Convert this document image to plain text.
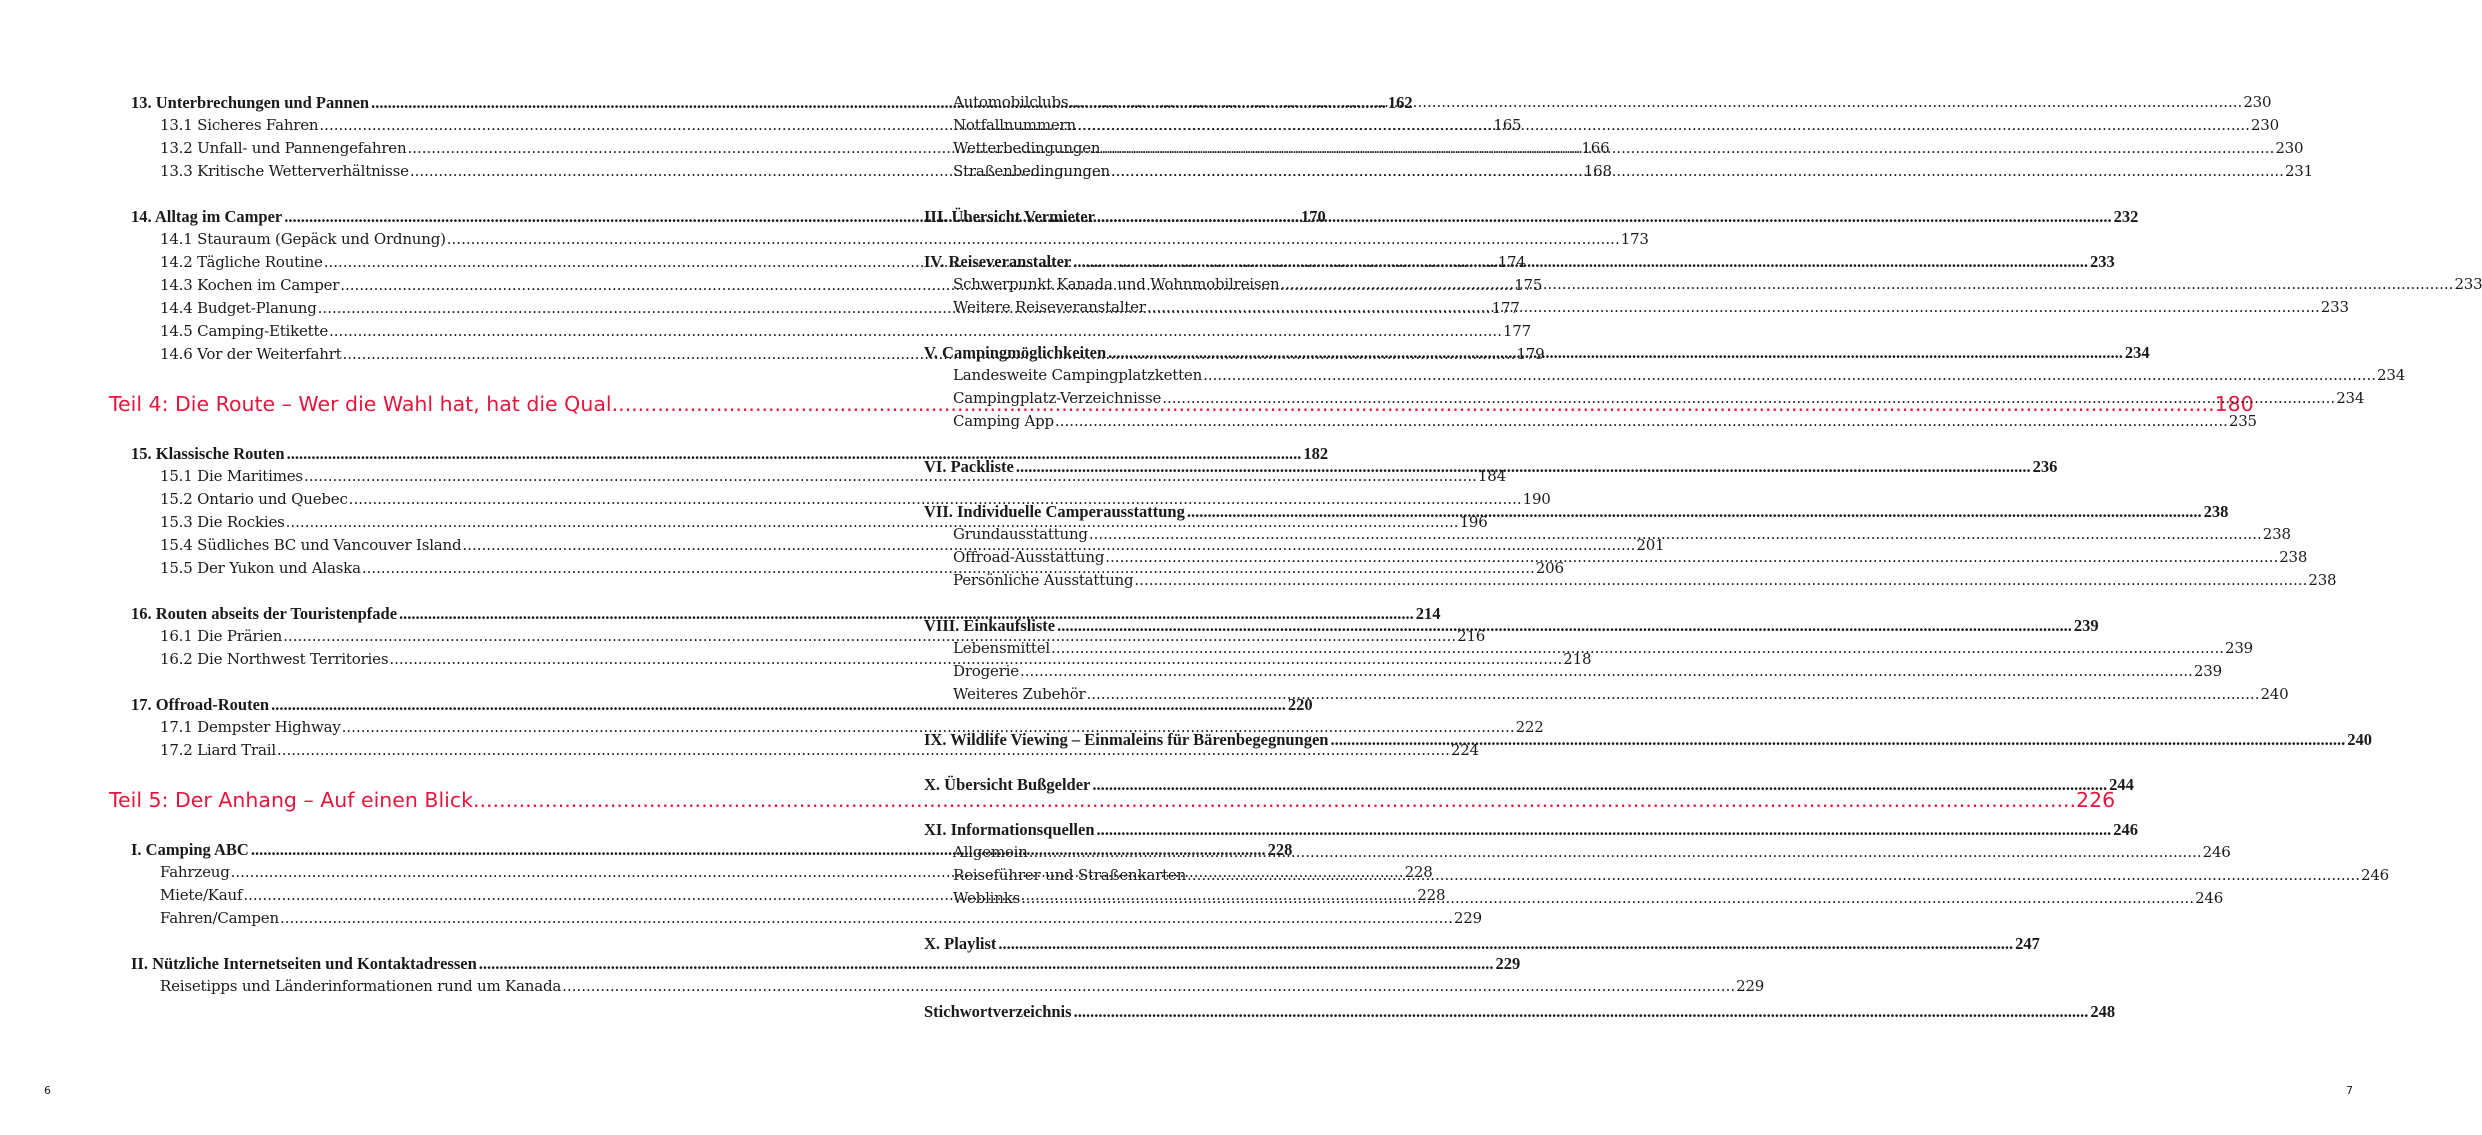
13. Unterbrechungen und Pannen .....	162
13.1 Sicheres Fahren .....	165
13.2 Unfall- und Pannengefahren .....	166
13.3 Kritische Wetterverhältnisse .....	168
14. Alltag im Camper .....	170
14.1 Stauraum (Gepäck und Ordnung) .....	173
14.2 Tägliche Routine .....	174
14.3 Kochen im Camper .....	175
14.4 Budget-Planung .....	177
14.5 Camping-Etikette .....	177
14.6 Vor der Weiterfahrt .....	179
Teil 4: Die Route – Wer die Wahl hat, hat die Qual .....	180
15. Klassische Routen .....	182
15.1 Die Maritimes .....	184
15.2 Ontario und Quebec .....	190
15.3 Die Rockies .....	196
15.4 Südliches BC und Vancouver Island .....	201
15.5 Der Yukon und Alaska .....	206
16. Routen abseits der Touristenpfade .....	214
16.1 Die Prärien .....	216
16.2 Die Northwest Territories .....	218
17. Offroad-Routen .....	220
17.1 Dempster Highway .....	222
17.2 Liard Trail .....	224
Teil 5: Der Anhang – Auf einen Blick .....	226
I. Camping ABC .....	228
Fahrzeug .....	228
Miete/Kauf .....	228
Fahren/Campen .....	229
II. Nützliche Internetseiten und Kontaktadressen .....	229
Reisetipps und Länderinformationen rund um Kanada .....	229
6
Automobilclubs .....	230
Notfallnummern .....	230
Wetterbedingungen .....	230
Straßenbedingungen .....	231
III. Übersicht Vermieter .....	232
IV. Reiseveranstalter .....	233
Schwerpunkt Kanada und Wohnmobilreisen .....	233
Weitere Reiseveranstalter .....	233
V. Campingmöglichkeiten .....	234
Landesweite Campingplatzketten .....	234
Campingplatz-Verzeichnisse .....	234
Camping App .....	235
VI. Packliste .....	236
VII. Individuelle Camperausstattung .....	238
Grundausstattung .....	238
Offroad-Ausstattung .....	238
Persönliche Ausstattung .....	238
VIII. Einkaufsliste .....	239
Lebensmittel .....	239
Drogerie .....	239
Weiteres Zubehör .....	240
IX. Wildlife Viewing – Einmaleins für Bärenbegegnungen .....	240
X. Übersicht Bußgelder .....	244
XI. Informationsquellen .....	246
Allgemein .....	246
Reiseführer und Straßenkarten .....	246
Weblinks .....	246
X. Playlist .....	247
Stichwortverzeichnis .....	248
7
